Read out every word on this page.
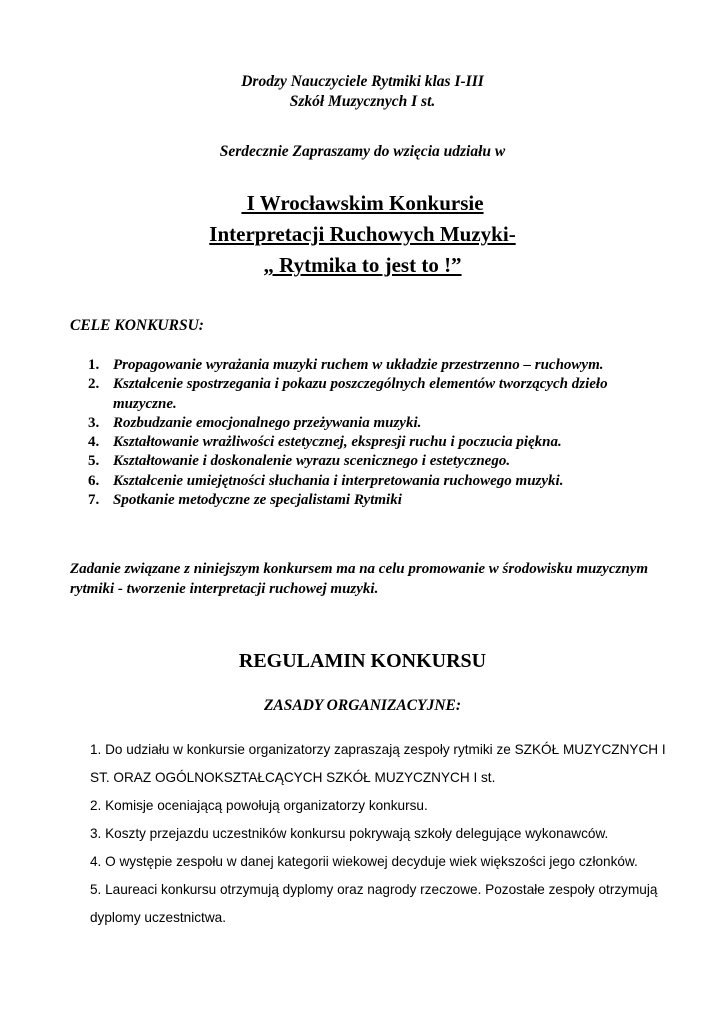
Drodzy Nauczyciele Rytmiki klas I-III
Szkół Muzycznych I st.
Serdecznie Zapraszamy do wzięcia udziału w
I Wrocławskim Konkursie
Interpretacji Ruchowych Muzyki-
„ Rytmika to jest to !”
CELE KONKURSU:
1. Propagowanie wyrażania muzyki ruchem w układzie przestrzenno – ruchowym.
2. Kształcenie spostrzegania i pokazu poszczególnych elementów tworzących dzieło muzyczne.
3. Rozbudzanie emocjonalnego przeżywania muzyki.
4. Kształtowanie wrażliwości estetycznej, ekspresji ruchu i poczucia piękna.
5. Kształtowanie i doskonalenie wyrazu scenicznego i estetycznego.
6. Kształcenie umiejętności słuchania i interpretowania ruchowego muzyki.
7. Spotkanie metodyczne ze specjalistami Rytmiki
Zadanie związane z niniejszym konkursem ma na celu promowanie w środowisku muzycznym rytmiki - tworzenie interpretacji ruchowej muzyki.
REGULAMIN KONKURSU
ZASADY ORGANIZACYJNE:

1. Do udziału w konkursie organizatorzy zapraszają zespoły rytmiki ze SZKÓŁ MUZYCZNYCH I ST. ORAZ OGÓLNOKSZTAŁCĄCYCH SZKÓŁ MUZYCZNYCH I st.

2. Komisje oceniającą powołują organizatorzy konkursu.

3. Koszty przejazdu uczestników konkursu pokrywają szkoły delegujące wykonawców.

4. O występie zespołu w danej kategorii wiekowej decyduje wiek większości jego członków.

5. Laureaci konkursu otrzymują dyplomy oraz nagrody rzeczowe. Pozostałe zespoły otrzymują dyplomy uczestnictwa.
